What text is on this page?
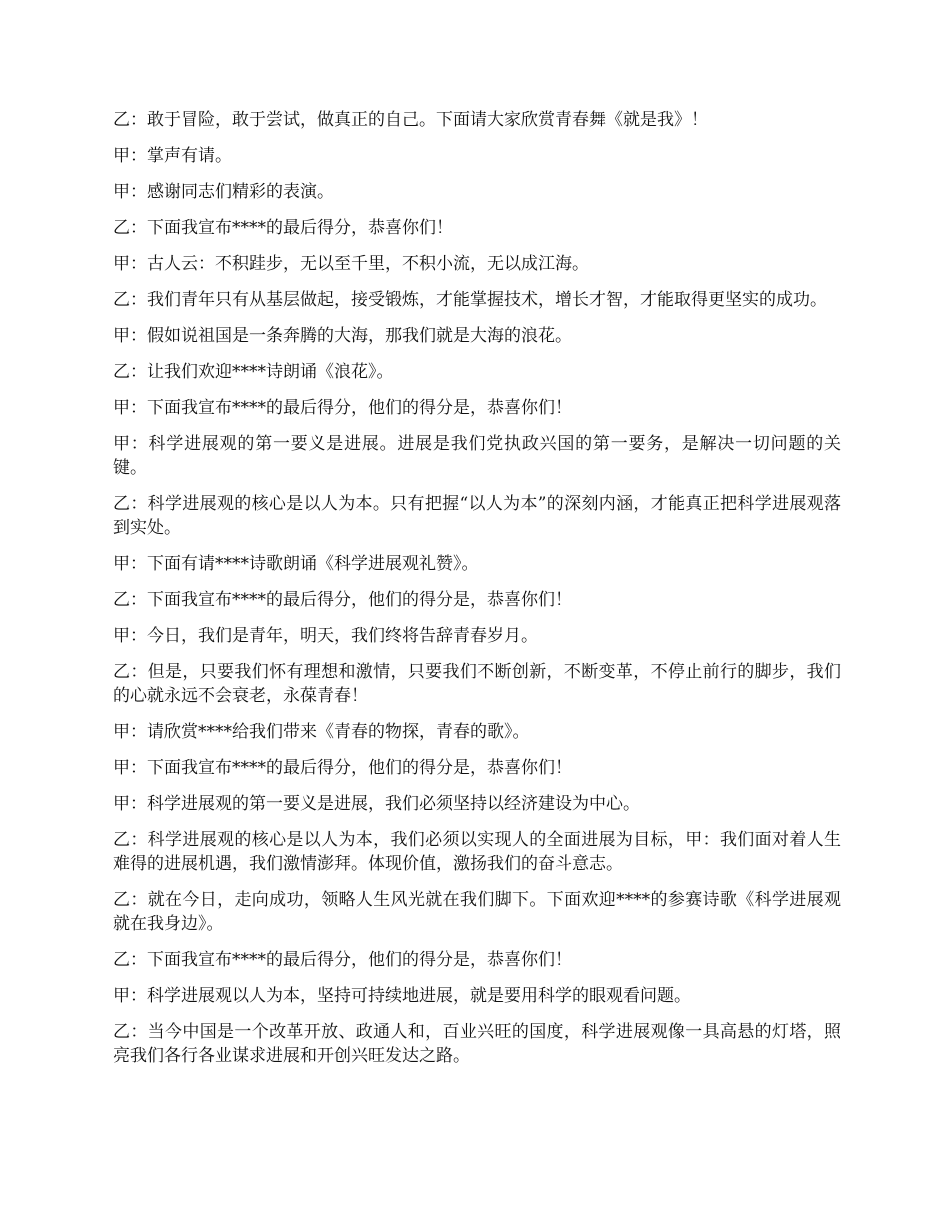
乙：敢于冒险，敢于尝试，做真正的自己。下面请大家欣赏青春舞《就是我》！

甲：掌声有请。

甲：感谢同志们精彩的表演。

乙：下面我宣布****的最后得分，恭喜你们！

甲：古人云：不积跬步，无以至千里，不积小流，无以成江海。

乙：我们青年只有从基层做起，接受锻炼，才能掌握技术，增长才智，才能取得更坚实的成功。

甲：假如说祖国是一条奔腾的大海，那我们就是大海的浪花。

乙：让我们欢迎****诗朗诵《浪花》。

甲：下面我宣布****的最后得分，他们的得分是，恭喜你们！

甲：科学进展观的第一要义是进展。进展是我们党执政兴国的第一要务，是解决一切问题的关键。

乙：科学进展观的核心是以人为本。只有把握“以人为本”的深刻内涵，才能真正把科学进展观落到实处。

甲：下面有请****诗歌朗诵《科学进展观礼赞》。

乙：下面我宣布****的最后得分，他们的得分是，恭喜你们！

甲：今日，我们是青年，明天，我们终将告辞青春岁月。

乙：但是，只要我们怀有理想和激情，只要我们不断创新，不断变革，不停止前行的脚步，我们的心就永远不会衰老，永葆青春！

甲：请欣赏****给我们带来《青春的物探，青春的歌》。

甲：下面我宣布****的最后得分，他们的得分是，恭喜你们！

甲：科学进展观的第一要义是进展，我们必须坚持以经济建设为中心。

乙：科学进展观的核心是以人为本，我们必须以实现人的全面进展为目标，甲：我们面对着人生难得的进展机遇，我们激情澎拜。体现价值，激扬我们的奋斗意志。

乙：就在今日，走向成功，领略人生风光就在我们脚下。下面欢迎****的参赛诗歌《科学进展观就在我身边》。

乙：下面我宣布****的最后得分，他们的得分是，恭喜你们！

甲：科学进展观以人为本，坚持可持续地进展，就是要用科学的眼观看问题。

乙：当今中国是一个改革开放、政通人和，百业兴旺的国度，科学进展观像一具高悬的灯塔，照亮我们各行各业谋求进展和开创兴旺发达之路。
